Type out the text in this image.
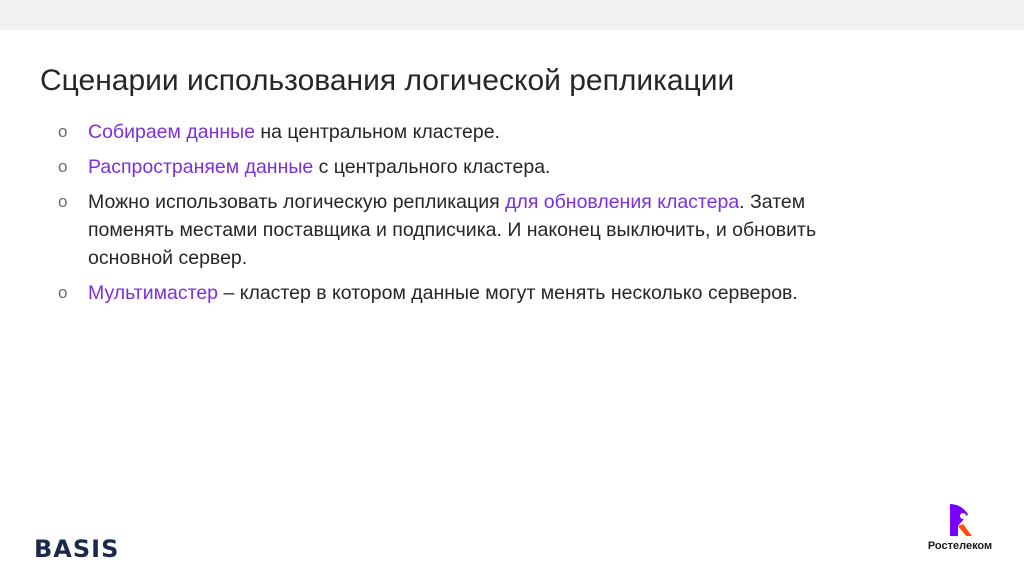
Сценарии использования логической репликации
o Собираем данные на центральном кластере.
o Распространяем данные с центрального кластера.
o Можно использовать логическую репликация для обновления кластера. Затем поменять местами поставщика и подписчика. И наконец выключить, и обновить основной сервер.
o Мультимастер – кластер в котором данные могут менять несколько серверов.
BASIS	Ростелеком
